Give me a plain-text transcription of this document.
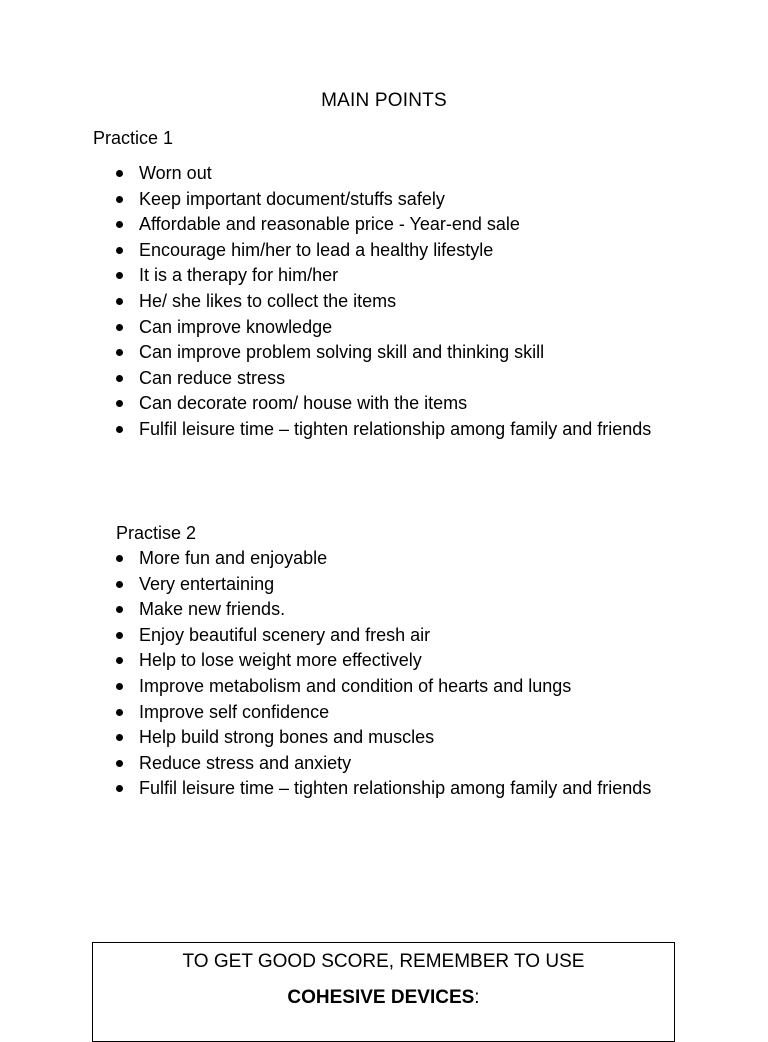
MAIN POINTS
Practice 1
Worn out
Keep important document/stuffs safely
Affordable and reasonable price - Year-end sale
Encourage him/her to lead a healthy lifestyle
It is a therapy for him/her
He/ she likes to collect the items
Can improve knowledge
Can improve problem solving skill and thinking skill
Can reduce stress
Can decorate room/ house with the items
Fulfil leisure time – tighten relationship among family and friends
Practise 2
More fun and enjoyable
Very entertaining
Make new friends.
Enjoy beautiful scenery and fresh air
Help to lose weight more effectively
Improve metabolism and condition of hearts and lungs
Improve self confidence
Help build strong bones and muscles
Reduce stress and anxiety
Fulfil leisure time – tighten relationship among family and friends
TO GET GOOD SCORE, REMEMBER TO USE
COHESIVE DEVICES:
